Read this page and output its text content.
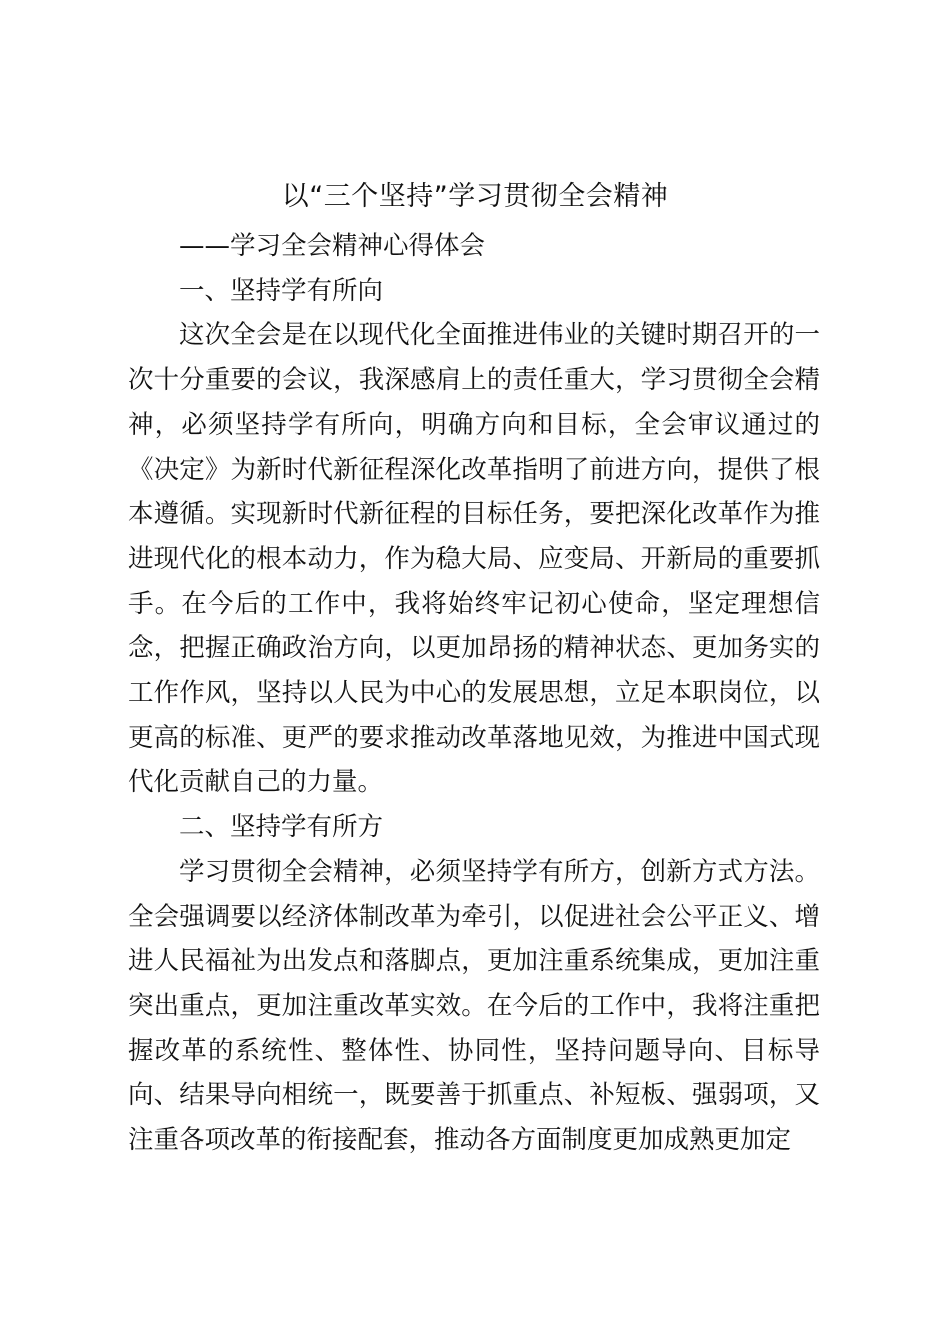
以“三个坚持”学习贯彻全会精神

——学习全会精神心得体会

一、坚持学有所向

这次全会是在以现代化全面推进伟业的关键时期召开的一次十分重要的会议，我深感肩上的责任重大，学习贯彻全会精神，必须坚持学有所向，明确方向和目标，全会审议通过的《决定》为新时代新征程深化改革指明了前进方向，提供了根本遵循。实现新时代新征程的目标任务，要把深化改革作为推进现代化的根本动力，作为稳大局、应变局、开新局的重要抓手。在今后的工作中，我将始终牢记初心使命，坚定理想信念，把握正确政治方向，以更加昂扬的精神状态、更加务实的工作作风，坚持以人民为中心的发展思想，立足本职岗位，以更高的标准、更严的要求推动改革落地见效，为推进中国式现代化贡献自己的力量。

二、坚持学有所方

学习贯彻全会精神，必须坚持学有所方，创新方式方法。全会强调要以经济体制改革为牵引，以促进社会公平正义、增进人民福祉为出发点和落脚点，更加注重系统集成，更加注重突出重点，更加注重改革实效。在今后的工作中，我将注重把握改革的系统性、整体性、协同性，坚持问题导向、目标导向、结果导向相统一，既要善于抓重点、补短板、强弱项，又注重各项改革的衔接配套，推动各方面制度更加成熟更加定
